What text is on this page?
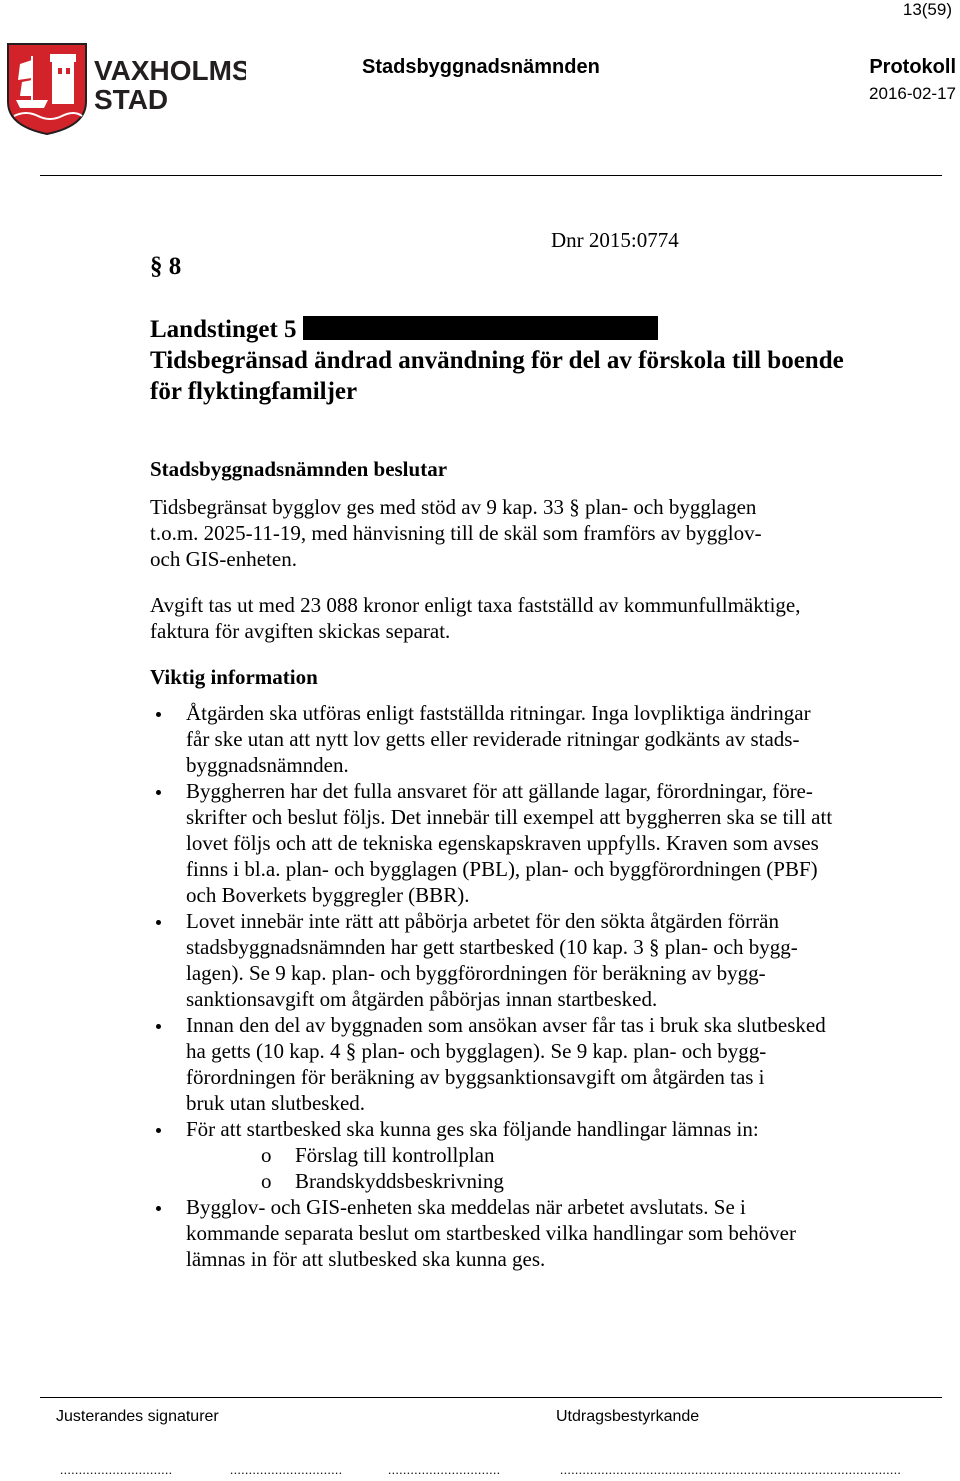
13(59)
VAXHOLMS
STAD
Stadsbyggnadsnämnden	Protokoll
2016-02-17
Dnr 2015:0774
§ 8
Landstinget 5
Tidsbegränsad ändrad användning för del av förskola till boende
för flyktingfamiljer
Stadsbyggnadsnämnden beslutar
Tidsbegränsat bygglov ges med stöd av 9 kap. 33 § plan- och bygglagen
t.o.m. 2025-11-19, med hänvisning till de skäl som framförs av bygglov-
och GIS-enheten.
Avgift tas ut med 23 088 kronor enligt taxa fastställd av kommunfullmäktige,
faktura för avgiften skickas separat.
Viktig information
Åtgärden ska utföras enligt fastställda ritningar. Inga lovpliktiga ändringar
får ske utan att nytt lov getts eller reviderade ritningar godkänts av stads-
byggnadsnämnden.
Byggherren har det fulla ansvaret för att gällande lagar, förordningar, före-
skrifter och beslut följs. Det innebär till exempel att byggherren ska se till att
lovet följs och att de tekniska egenskapskraven uppfylls. Kraven som avses
finns i bl.a. plan- och bygglagen (PBL), plan- och byggförordningen (PBF)
och Boverkets byggregler (BBR).
Lovet innebär inte rätt att påbörja arbetet för den sökta åtgärden förrän
stadsbyggnadsnämnden har gett startbesked (10 kap. 3 § plan- och bygg-
lagen). Se 9 kap. plan- och byggförordningen för beräkning av bygg-
sanktionsavgift om åtgärden påbörjas innan startbesked.
Innan den del av byggnaden som ansökan avser får tas i bruk ska slutbesked
ha getts (10 kap. 4 § plan- och bygglagen). Se 9 kap. plan- och bygg-
förordningen för beräkning av byggsanktionsavgift om åtgärden tas i
bruk utan slutbesked.
För att startbesked ska kunna ges ska följande handlingar lämnas in:
o Förslag till kontrollplan
o Brandskyddsbeskrivning
Bygglov- och GIS-enheten ska meddelas när arbetet avslutats. Se i
kommande separata beslut om startbesked vilka handlingar som behöver
lämnas in för att slutbesked ska kunna ges.
Justerandes signaturer	Utdragsbestyrkande
..............................	..............................	..............................	...........................................................................................
